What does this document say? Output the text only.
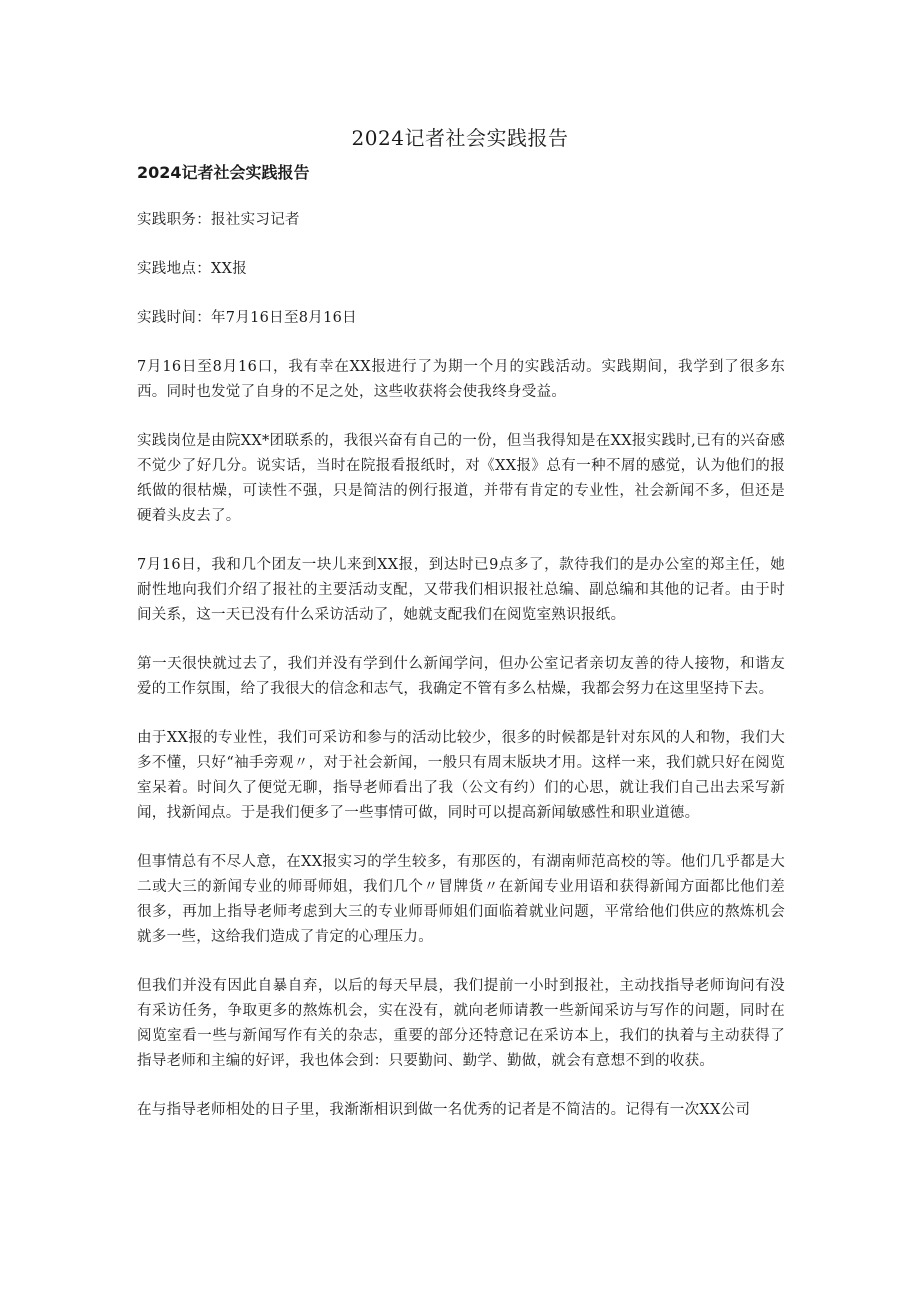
2024记者社会实践报告
2024记者社会实践报告

实践职务：报社实习记者

实践地点：XX报

实践时间：年7月16日至8月16日

7月16日至8月16口，我有幸在XX报进行了为期一个月的实践活动。实践期间，我学到了很多东西。同时也发觉了自身的不足之处，这些收获将会使我终身受益。

实践岗位是由院XX*团联系的，我很兴奋有自己的一份，但当我得知是在XX报实践时,已有的兴奋感不觉少了好几分。说实话，当时在院报看报纸时，对《XX报》总有一种不屑的感觉，认为他们的报纸做的很枯燥，可读性不强，只是简洁的例行报道，并带有肯定的专业性，社会新闻不多，但还是硬着头皮去了。

7月16日，我和几个团友一块儿来到XX报，到达时已9点多了，款待我们的是办公室的郑主任，她耐性地向我们介绍了报社的主要活动支配，又带我们相识报社总编、副总编和其他的记者。由于时间关系，这一天已没有什么采访活动了，她就支配我们在阅览室熟识报纸。

第一天很快就过去了，我们并没有学到什么新闻学问，但办公室记者亲切友善的待人接物，和谐友爱的工作氛围，给了我很大的信念和志气，我确定不管有多么枯燥，我都会努力在这里坚持下去。

由于XX报的专业性，我们可采访和参与的活动比较少，很多的时候都是针对东风的人和物，我们大多不懂，只好“袖手旁观〃，对于社会新闻，一般只有周末版块才用。这样一来，我们就只好在阅览室呆着。时间久了便觉无聊，指导老师看出了我（公文有约）们的心思，就让我们自己出去采写新闻，找新闻点。于是我们便多了一些事情可做，同时可以提高新闻敏感性和职业道德。

但事情总有不尽人意，在XX报实习的学生较多，有那医的，有湖南师范高校的等。他们几乎都是大二或大三的新闻专业的师哥师姐，我们几个〃冒牌货〃在新闻专业用语和获得新闻方面都比他们差很多，再加上指导老师考虑到大三的专业师哥师姐们面临着就业问题，平常给他们供应的熬炼机会就多一些，这给我们造成了肯定的心理压力。

但我们并没有因此自暴自弃，以后的每天早晨，我们提前一小时到报社，主动找指导老师询问有没有采访任务，争取更多的熬炼机会，实在没有，就向老师请教一些新闻采访与写作的问题，同时在阅览室看一些与新闻写作有关的杂志，重要的部分还特意记在采访本上，我们的执着与主动获得了指导老师和主编的好评，我也体会到：只要勤问、勤学、勤做，就会有意想不到的收获。

在与指导老师相处的日子里，我渐渐相识到做一名优秀的记者是不简洁的。记得有一次XX公司
